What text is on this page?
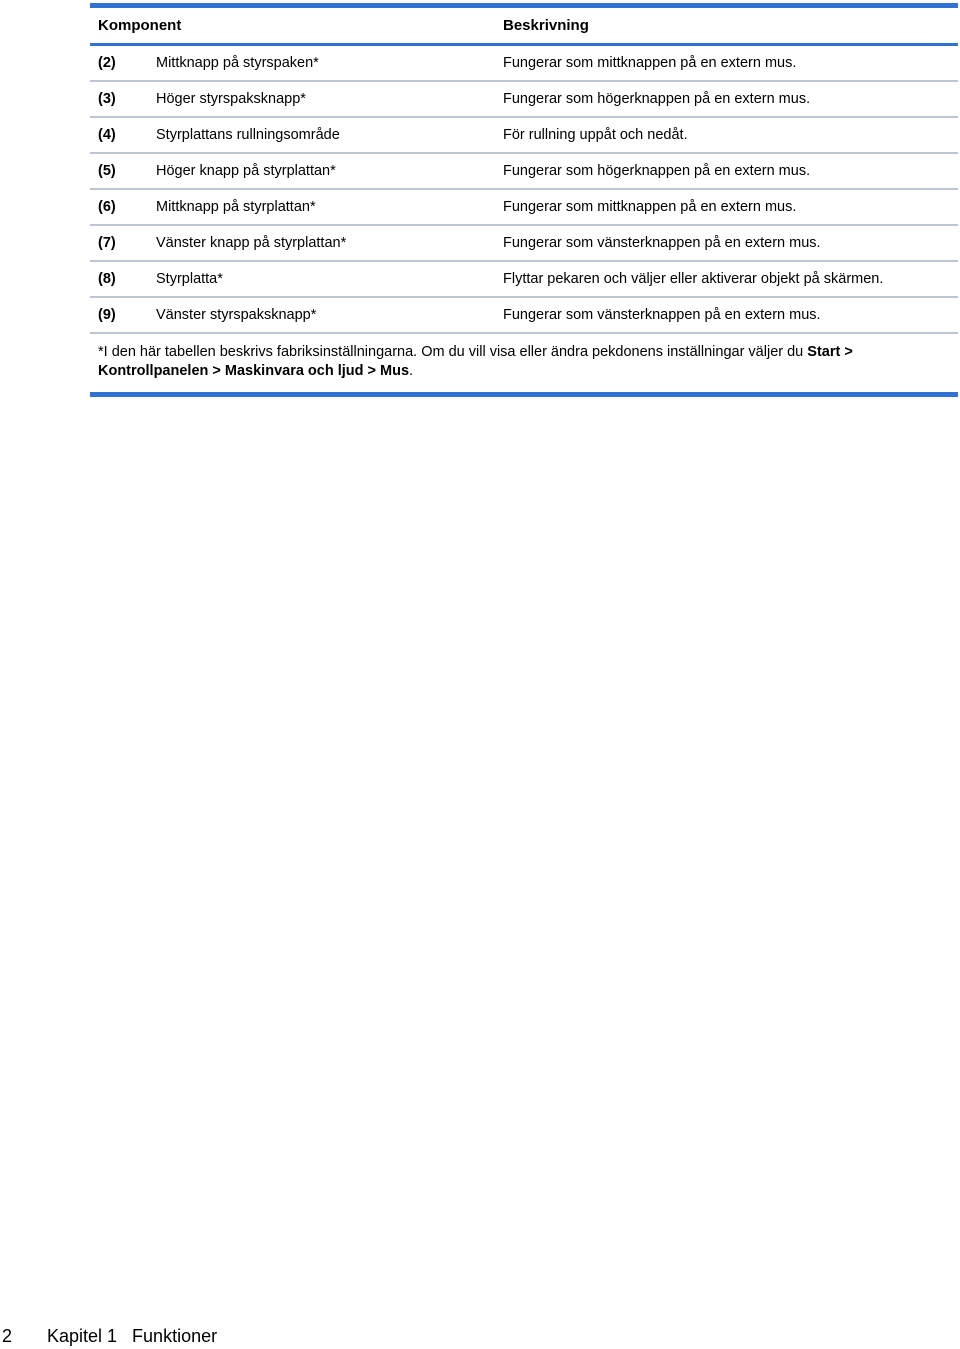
Komponent	Beskrivning
(2)	Mittknapp på styrspaken*	Fungerar som mittknappen på en extern mus.
(3)	Höger styrspaksknapp*	Fungerar som högerknappen på en extern mus.
(4)	Styrplattans rullningsområde	För rullning uppåt och nedåt.
(5)	Höger knapp på styrplattan*	Fungerar som högerknappen på en extern mus.
(6)	Mittknapp på styrplattan*	Fungerar som mittknappen på en extern mus.
(7)	Vänster knapp på styrplattan*	Fungerar som vänsterknappen på en extern mus.
(8)	Styrplatta*	Flyttar pekaren och väljer eller aktiverar objekt på skärmen.
(9)	Vänster styrspaksknapp*	Fungerar som vänsterknappen på en extern mus.
*I den här tabellen beskrivs fabriksinställningarna. Om du vill visa eller ändra pekdonens inställningar väljer du Start > Kontrollpanelen > Maskinvara och ljud > Mus.
2 Kapitel 1   Funktioner
